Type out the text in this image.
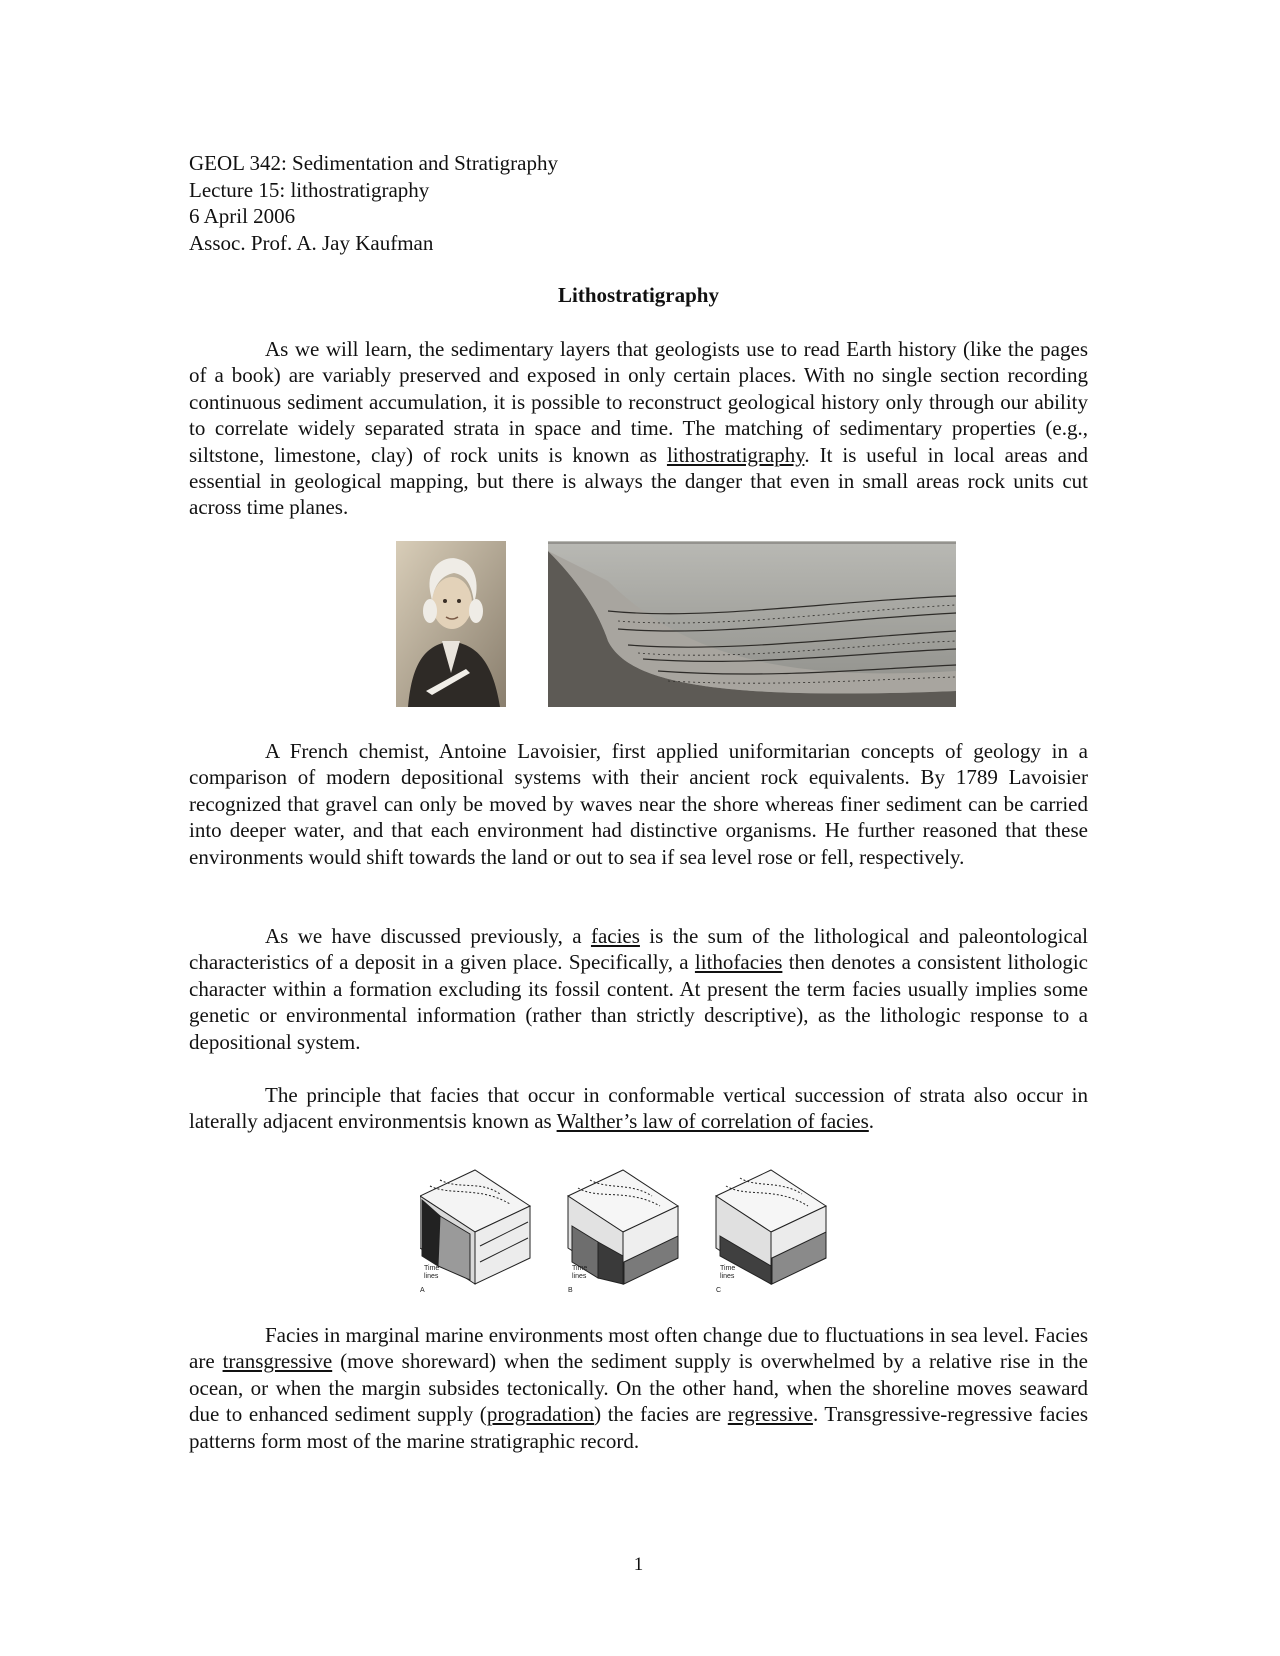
GEOL 342: Sedimentation and Stratigraphy
Lecture 15: lithostratigraphy
6 April 2006
Assoc. Prof. A. Jay Kaufman
Lithostratigraphy
As we will learn, the sedimentary layers that geologists use to read Earth history (like the pages of a book) are variably preserved and exposed in only certain places. With no single section recording continuous sediment accumulation, it is possible to reconstruct geological history only through our ability to correlate widely separated strata in space and time. The matching of sedimentary properties (e.g., siltstone, limestone, clay) of rock units is known as lithostratigraphy. It is useful in local areas and essential in geological mapping, but there is always the danger that even in small areas rock units cut across time planes.
A French chemist, Antoine Lavoisier, first applied uniformitarian concepts of geology in a comparison of modern depositional systems with their ancient rock equivalents. By 1789 Lavoisier recognized that gravel can only be moved by waves near the shore whereas finer sediment can be carried into deeper water, and that each environment had distinctive organisms. He further reasoned that these environments would shift towards the land or out to sea if sea level rose or fell, respectively.
As we have discussed previously, a facies is the sum of the lithological and paleontological characteristics of a deposit in a given place. Specifically, a lithofacies then denotes a consistent lithologic character within a formation excluding its fossil content. At present the term facies usually implies some genetic or environmental information (rather than strictly descriptive), as the lithologic response to a depositional system.
The principle that facies that occur in conformable vertical succession of strata also occur in laterally adjacent environmentsis known as Walther’s law of correlation of facies.
Time
lines
Time
lines
Time
lines
A	B	C
Facies in marginal marine environments most often change due to fluctuations in sea level. Facies are transgressive (move shoreward) when the sediment supply is overwhelmed by a relative rise in the ocean, or when the margin subsides tectonically. On the other hand, when the shoreline moves seaward due to enhanced sediment supply (progradation) the facies are regressive. Transgressive-regressive facies patterns form most of the marine stratigraphic record.
1
